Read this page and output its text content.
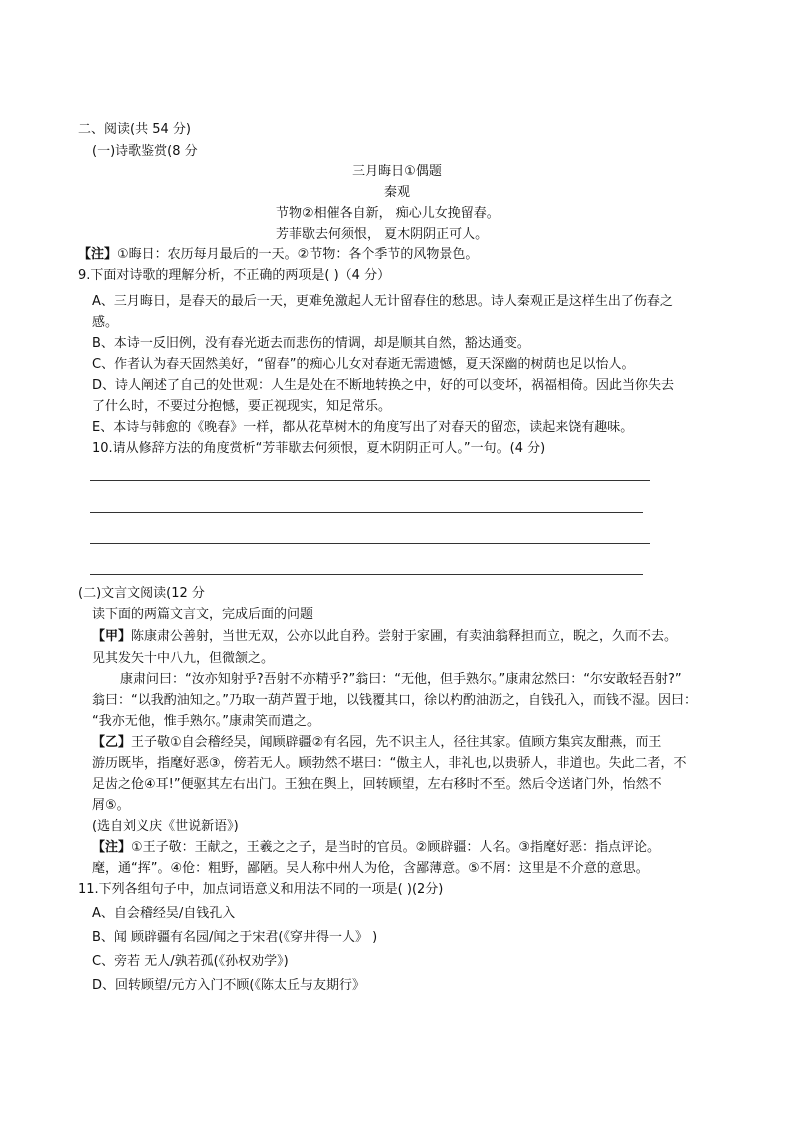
二、阅读(共 54 分)
(一)诗歌鉴赏(8 分
三月晦日①偶题
秦观
节物②相催各自新， 痴心儿女挽留春。
芳菲歇去何须恨， 夏木阴阴正可人。
【注】①晦日：农历每月最后的一天。②节物：各个季节的风物景色。
9.下面对诗歌的理解分析，不正确的两项是( )（4 分）
A、三月晦日，是春天的最后一天，更难免激起人无计留春住的愁思。诗人秦观正是这样生出了伤春之
感。
B、本诗一反旧例，没有春光逝去而悲伤的情调，却是顺其自然，豁达通变。
C、作者认为春天固然美好，“留春”的痴心儿女对春逝无需遗憾，夏天深幽的树荫也足以怡人。
D、诗人阐述了自己的处世观：人生是处在不断地转换之中，好的可以变坏，祸福相倚。因此当你失去
了什么时，不要过分抱憾，要正视现实，知足常乐。
E、本诗与韩愈的《晚春》一样，都从花草树木的角度写出了对春天的留恋，读起来饶有趣味。
10.请从修辞方法的角度赏析“芳菲歇去何须恨，夏木阴阴正可人。”一句。(4 分)
(二)文言文阅读(12 分
读下面的两篇文言文，完成后面的问题
【甲】陈康肃公善射，当世无双，公亦以此自矜。尝射于家圃，有卖油翁释担而立，睨之，久而不去。
见其发矢十中八九，但微颔之。
康肃问曰：“汝亦知射乎?吾射不亦精乎?”翁曰：“无他，但手熟尔。”康肃忿然曰：“尔安敢轻吾射?”
翁曰：“以我酌油知之。”乃取一葫芦置于地，以钱覆其口，徐以杓酌油沥之，自钱孔入，而钱不湿。因曰：
“我亦无他，惟手熟尔。”康肃笑而遣之。
【乙】王子敬①自会稽经吴，闻顾辟疆②有名园，先不识主人，径往其家。值顾方集宾友酣燕，而王
游历既毕，指麾好恶③，傍若无人。顾勃然不堪曰：“傲主人，非礼也,以贵骄人，非道也。失此二者，不
足齿之伧④耳!”便驱其左右出门。王独在舆上，回转顾望，左右移时不至。然后令送诸门外，怡然不
屑⑤。
(选自刘义庆《世说新语》)
【注】①王子敬：王献之，王羲之之子，是当时的官员。②顾辟疆：人名。③指麾好恶：指点评论。
麾，通“挥”。④伧：粗野，鄙陋。吴人称中州人为伧，含鄙薄意。⑤不屑：这里是不介意的意思。
11.下列各组句子中，加点词语意义和用法不同的一项是( )(2分)
A、自会稽经吴/自钱孔入
B、闻 顾辟疆有名园/闻之于宋君(《穿井得一人》 )
C、旁若 无人/孰若孤(《孙权劝学》)
D、回转顾望/元方入门不顾(《陈太丘与友期行》
